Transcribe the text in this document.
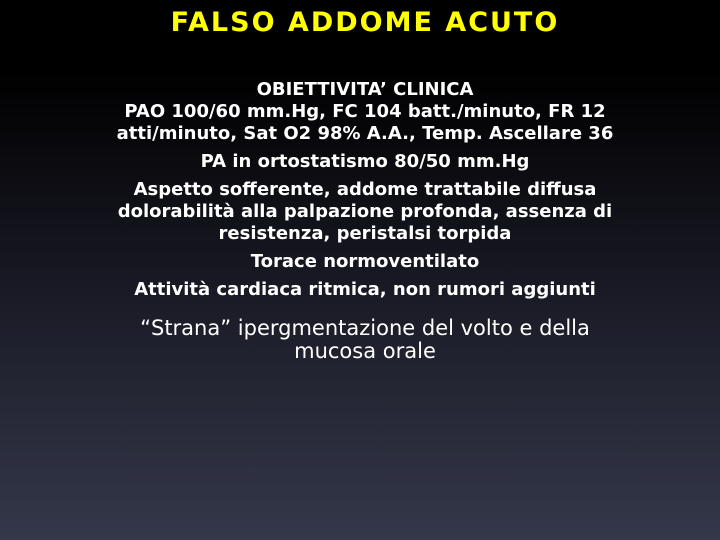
FALSO ADDOME ACUTO
OBIETTIVITA’ CLINICA
PAO 100/60 mm.Hg, FC 104 batt./minuto, FR 12
atti/minuto, Sat O2 98% A.A., Temp. Ascellare 36
PA in ortostatismo 80/50 mm.Hg
Aspetto sofferente, addome trattabile diffusa
dolorabilità alla palpazione profonda, assenza di
resistenza, peristalsi torpida
Torace normoventilato
Attività cardiaca ritmica, non rumori aggiunti
“Strana” ipergmentazione del volto e della
mucosa orale
